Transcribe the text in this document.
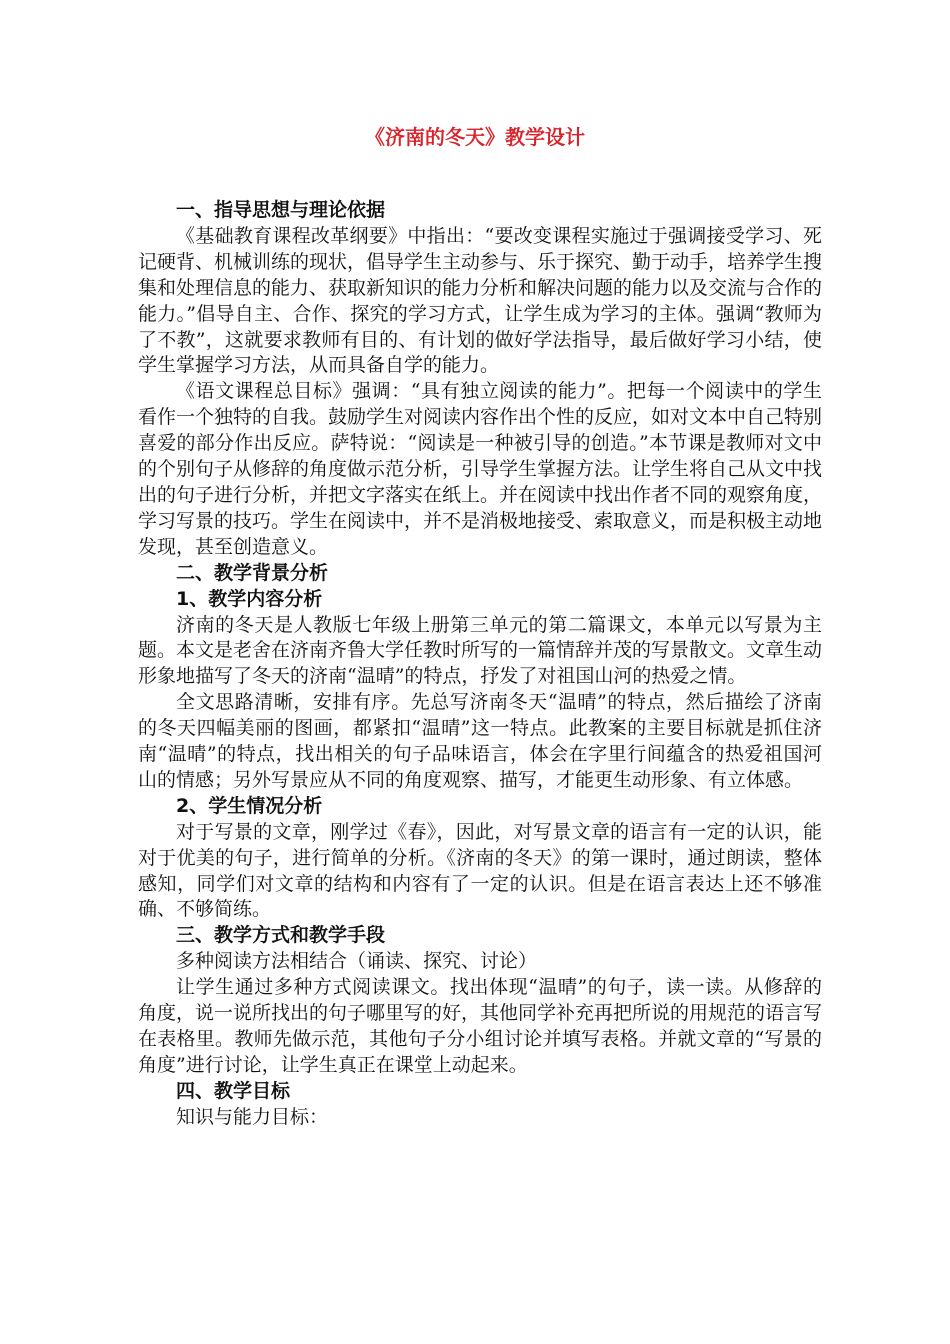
《济南的冬天》教学设计
一、指导思想与理论依据

《基础教育课程改革纲要》中指出：“要改变课程实施过于强调接受学习、死记硬背、机械训练的现状，倡导学生主动参与、乐于探究、勤于动手，培养学生搜集和处理信息的能力、获取新知识的能力分析和解决问题的能力以及交流与合作的能力。”倡导自主、合作、探究的学习方式，让学生成为学习的主体。强调“教师为了不教”，这就要求教师有目的、有计划的做好学法指导，最后做好学习小结，使学生掌握学习方法，从而具备自学的能力。

《语文课程总目标》强调：“具有独立阅读的能力”。把每一个阅读中的学生看作一个独特的自我。鼓励学生对阅读内容作出个性的反应，如对文本中自己特别喜爱的部分作出反应。萨特说：“阅读是一种被引导的创造。”本节课是教师对文中的个别句子从修辞的角度做示范分析，引导学生掌握方法。让学生将自己从文中找出的句子进行分析，并把文字落实在纸上。并在阅读中找出作者不同的观察角度，学习写景的技巧。学生在阅读中，并不是消极地接受、索取意义，而是积极主动地发现，甚至创造意义。

二、教学背景分析
1、教学内容分析

济南的冬天是人教版七年级上册第三单元的第二篇课文，本单元以写景为主题。本文是老舍在济南齐鲁大学任教时所写的一篇情辞并茂的写景散文。文章生动形象地描写了冬天的济南“温晴”的特点，抒发了对祖国山河的热爱之情。

全文思路清晰，安排有序。先总写济南冬天“温晴”的特点，然后描绘了济南的冬天四幅美丽的图画，都紧扣“温晴”这一特点。此教案的主要目标就是抓住济南“温晴”的特点，找出相关的句子品味语言，体会在字里行间蕴含的热爱祖国河山的情感；另外写景应从不同的角度观察、描写，才能更生动形象、有立体感。

2、学生情况分析

对于写景的文章，刚学过《春》，因此，对写景文章的语言有一定的认识，能对于优美的句子，进行简单的分析。《济南的冬天》的第一课时，通过朗读，整体感知，同学们对文章的结构和内容有了一定的认识。但是在语言表达上还不够准确、不够简练。

三、教学方式和教学手段

多种阅读方法相结合（诵读、探究、讨论）

让学生通过多种方式阅读课文。找出体现“温晴”的句子，读一读。从修辞的角度，说一说所找出的句子哪里写的好，其他同学补充再把所说的用规范的语言写在表格里。教师先做示范，其他句子分小组讨论并填写表格。并就文章的“写景的角度”进行讨论，让学生真正在课堂上动起来。

四、教学目标

知识与能力目标：
